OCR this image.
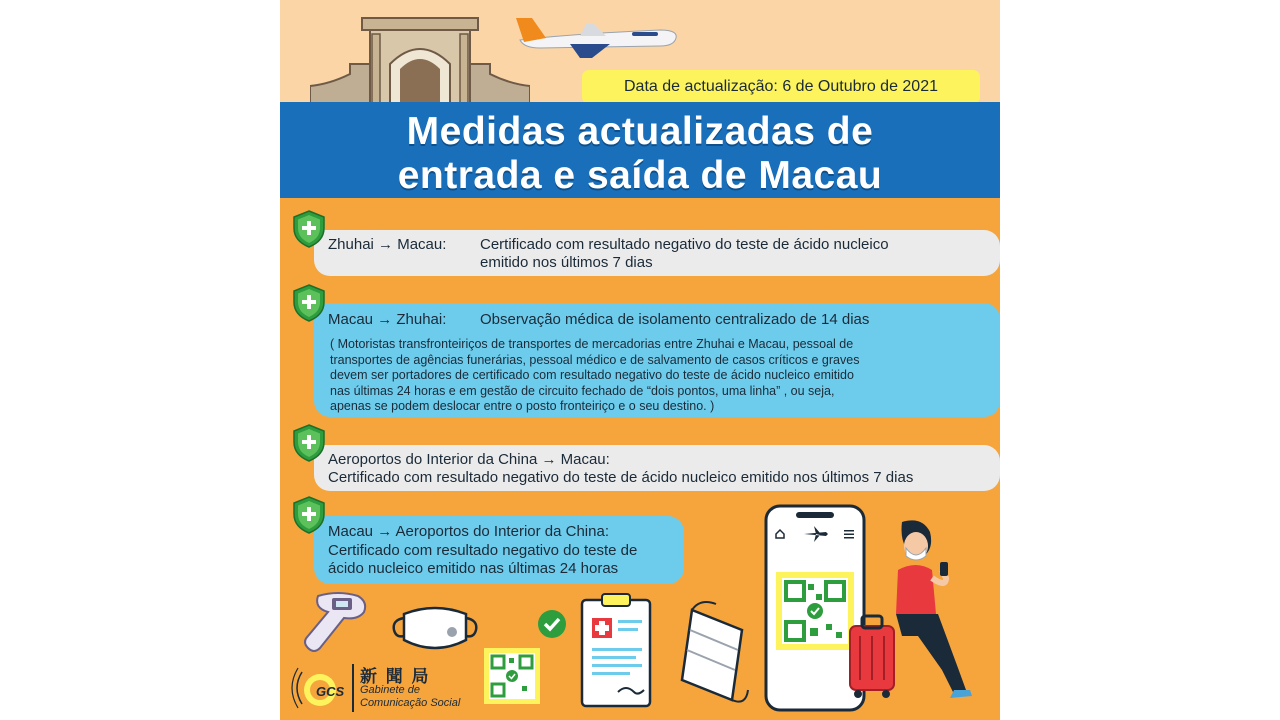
Data de actualização: 6 de Outubro de 2021
Medidas actualizadas de
entrada e saída de Macau
Zhuhai → Macau: Certificado com resultado negativo do teste de ácido nucleico
emitido nos últimos 7 dias
Macau → Zhuhai: Observação médica de isolamento centralizado de 14 dias
( Motoristas transfronteiriços de transportes de mercadorias entre Zhuhai e Macau, pessoal de
transportes de agências funerárias, pessoal médico e de salvamento de casos críticos e graves
devem ser portadores de certificado com resultado negativo do teste de ácido nucleico emitido
nas últimas 24 horas e em gestão de circuito fechado de “dois pontos, uma linha” , ou seja,
apenas se podem deslocar entre o posto fronteiriço e o seu destino. )
Aeroportos do Interior da China → Macau:
Certificado com resultado negativo do teste de ácido nucleico emitido nos últimos 7 dias
Macau → Aeroportos do Interior da China:
Certificado com resultado negativo do teste de
ácido nucleico emitido nas últimas 24 horas
GCS
新 聞 局
Gabinete de
Comunicação Social
